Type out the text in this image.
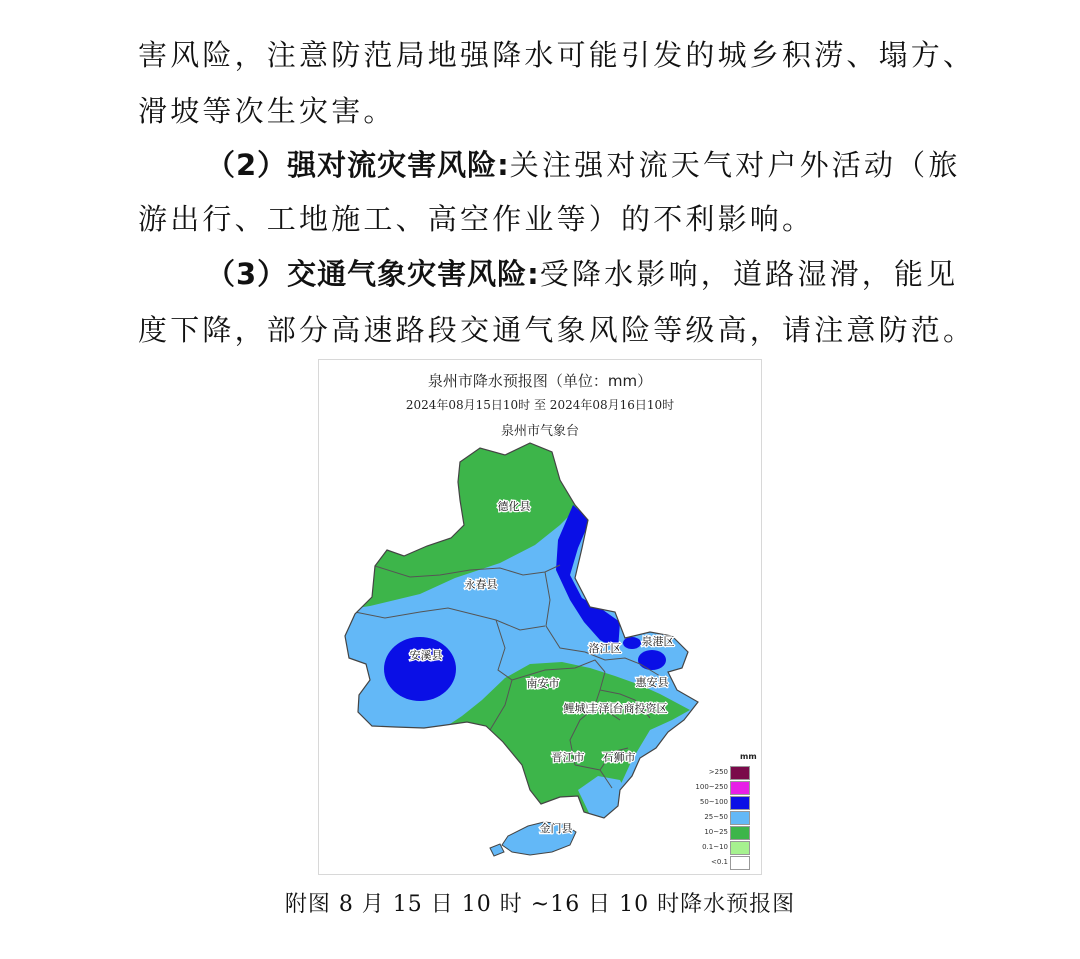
害风险，注意防范局地强降水可能引发的城乡积涝、塌方、
滑坡等次生灾害。
（2）强对流灾害风险:关注强对流天气对户外活动（旅
游出行、工地施工、高空作业等）的不利影响。
（3）交通气象灾害风险:受降水影响，道路湿滑，能见
度下降，部分高速路段交通气象风险等级高，请注意防范。
泉州市降水预报图（单位：mm）
2024年08月15日10时 至 2024年08月16日10时
泉州市气象台
德化县
永春县
安溪县
洛江区
泉港区
南安市	惠安县
鲤城区
丰泽区
台商投资区
晋江市 石狮市
金门县
mm
>250
100~250
50~100
25~50
10~25
0.1~10
<0.1
附图 8 月 15 日 10 时 ~16 日 10 时降水预报图
